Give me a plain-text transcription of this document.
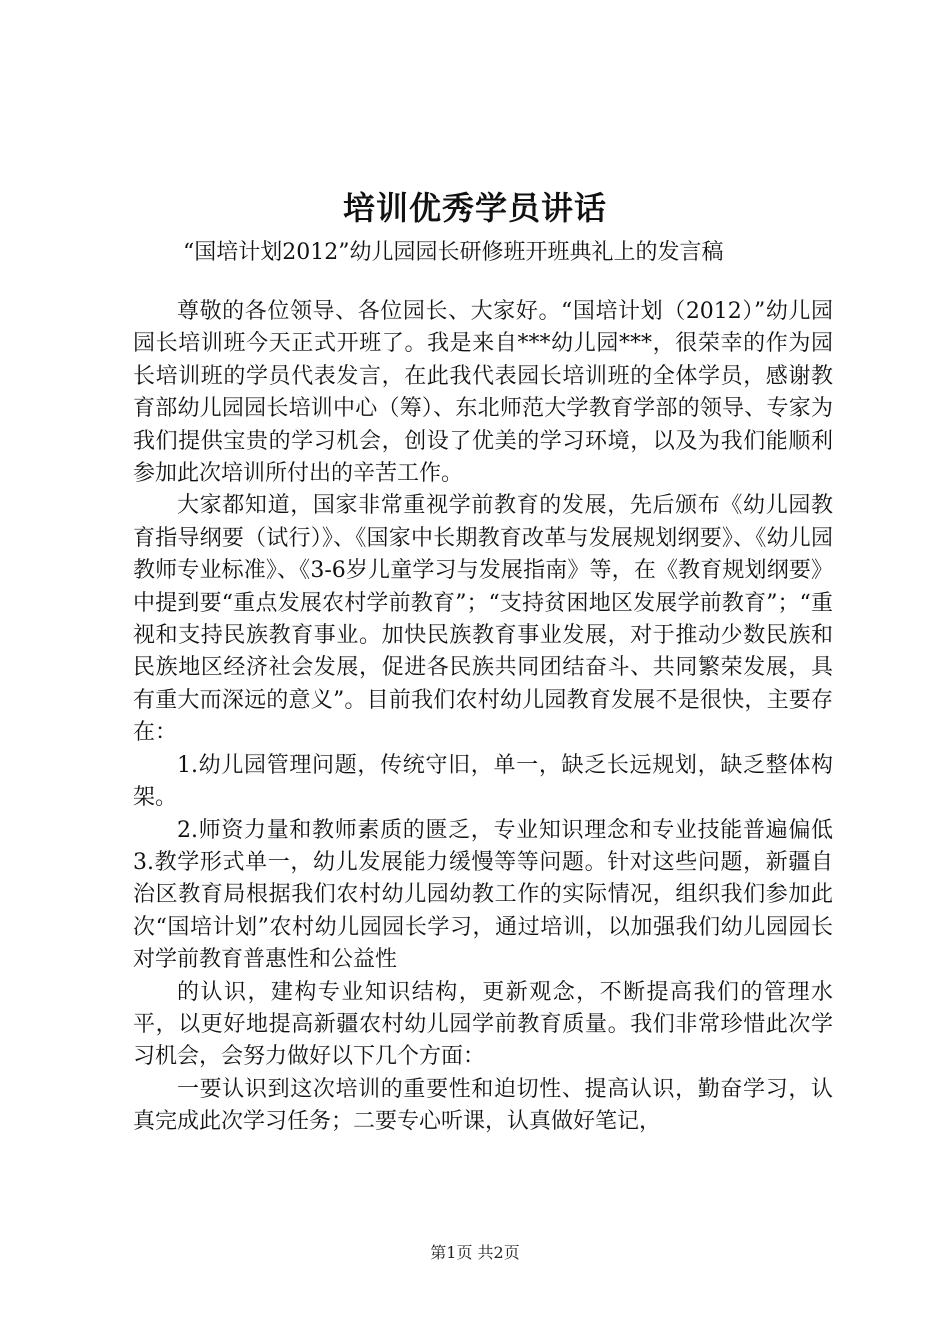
培训优秀学员讲话
“国培计划2012”幼儿园园长研修班开班典礼上的发言稿

尊敬的各位领导、各位园长、大家好。“国培计划（2012）”幼儿园园长培训班今天正式开班了。我是来自***幼儿园***，很荣幸的作为园长培训班的学员代表发言，在此我代表园长培训班的全体学员，感谢教育部幼儿园园长培训中心（筹）、东北师范大学教育学部的领导、专家为我们提供宝贵的学习机会，创设了优美的学习环境，以及为我们能顺利参加此次培训所付出的辛苦工作。

大家都知道，国家非常重视学前教育的发展，先后颁布《幼儿园教育指导纲要（试行）》、《国家中长期教育改革与发展规划纲要》、《幼儿园教师专业标准》、《3-6岁儿童学习与发展指南》等，在《教育规划纲要》中提到要“重点发展农村学前教育”；“支持贫困地区发展学前教育”；“重视和支持民族教育事业。加快民族教育事业发展，对于推动少数民族和民族地区经济社会发展，促进各民族共同团结奋斗、共同繁荣发展，具有重大而深远的意义”。目前我们农村幼儿园教育发展不是很快，主要存在：

1.幼儿园管理问题，传统守旧，单一，缺乏长远规划，缺乏整体构架。

2.师资力量和教师素质的匮乏，专业知识理念和专业技能普遍偏低3.教学形式单一，幼儿发展能力缓慢等等问题。针对这些问题，新疆自治区教育局根据我们农村幼儿园幼教工作的实际情况，组织我们参加此次“国培计划”农村幼儿园园长学习，通过培训，以加强我们幼儿园园长对学前教育普惠性和公益性

的认识，建构专业知识结构，更新观念，不断提高我们的管理水平，以更好地提高新疆农村幼儿园学前教育质量。我们非常珍惜此次学习机会，会努力做好以下几个方面：

一要认识到这次培训的重要性和迫切性、提高认识，勤奋学习，认真完成此次学习任务；二要专心听课，认真做好笔记，

第1页 共2页
